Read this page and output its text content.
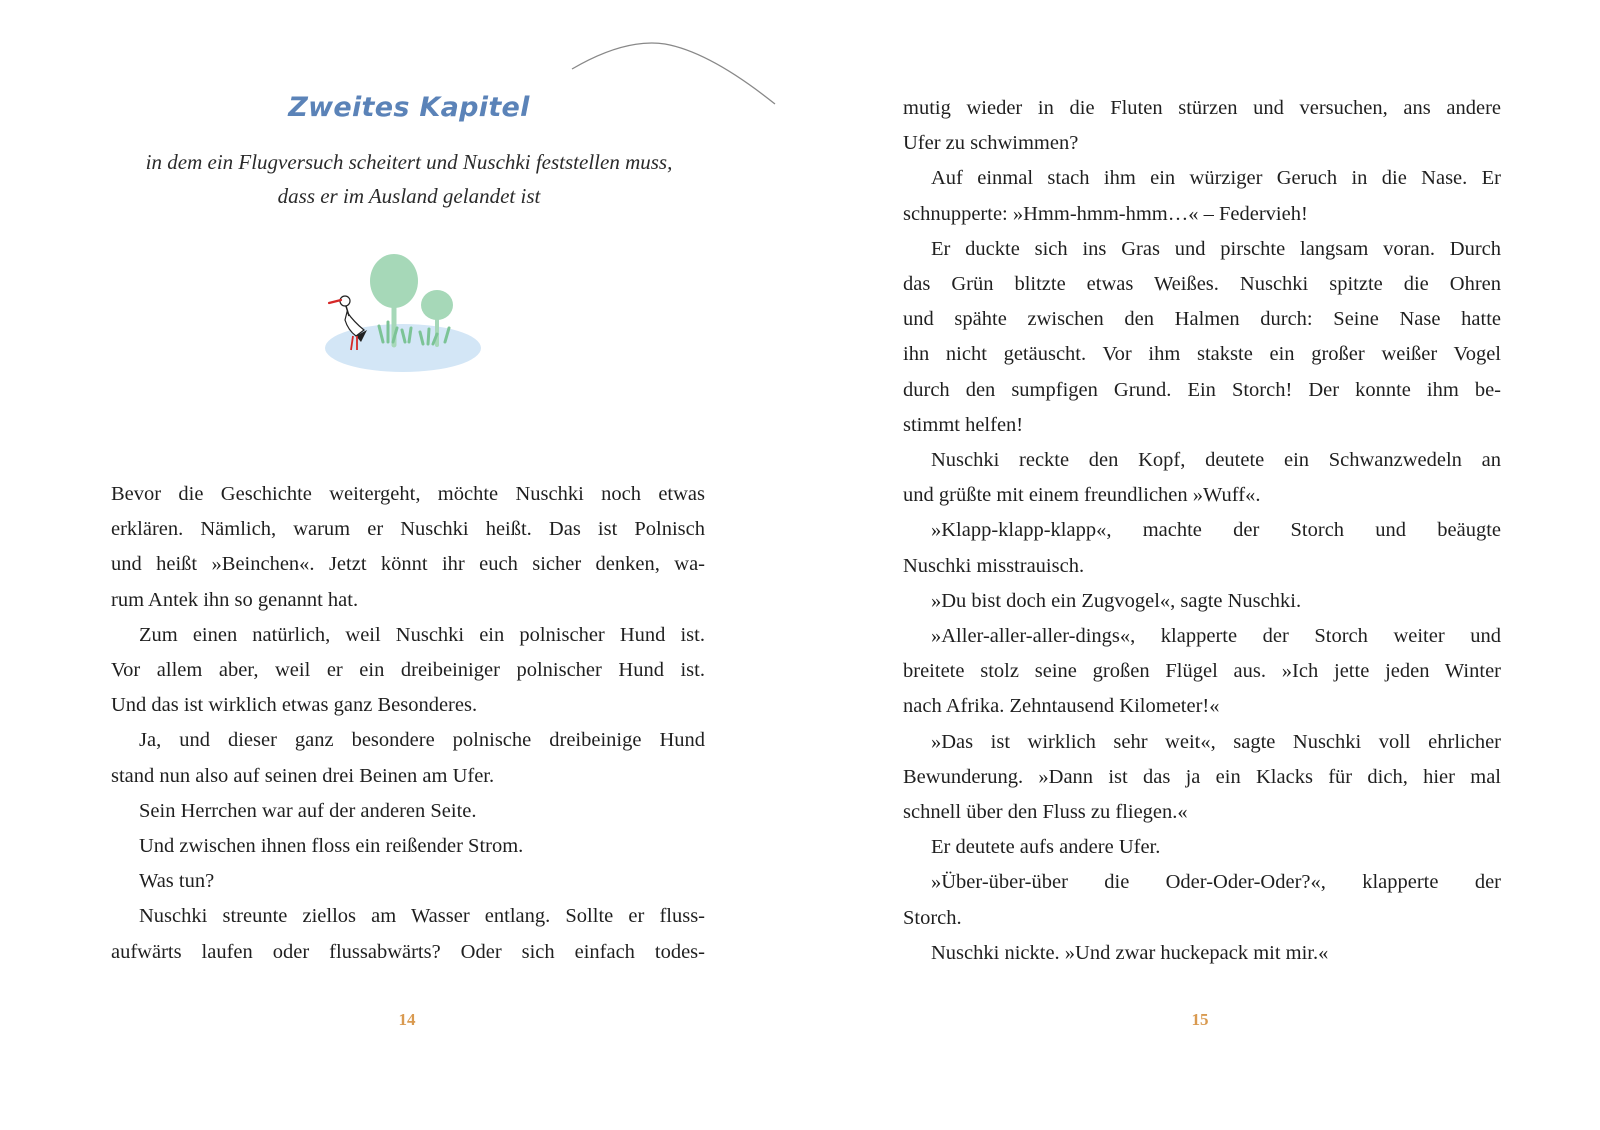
Zweites Kapitel
in dem ein Flugversuch scheitert und Nuschki feststellen muss,
dass er im Ausland gelandet ist

Bevor die Geschichte weitergeht, möchte Nuschki noch etwas

erklären. Nämlich, warum er Nuschki heißt. Das ist Polnisch

und heißt »Beinchen«. Jetzt könnt ihr euch sicher denken, wa-

rum Antek ihn so genannt hat.

Zum einen natürlich, weil Nuschki ein polnischer Hund ist.

Vor allem aber, weil er ein dreibeiniger polnischer Hund ist.

Und das ist wirklich etwas ganz Besonderes.

Ja, und dieser ganz besondere polnische dreibeinige Hund

stand nun also auf seinen drei Beinen am Ufer.

Sein Herrchen war auf der anderen Seite.

Und zwischen ihnen floss ein reißender Strom.

Was tun?

Nuschki streunte ziellos am Wasser entlang. Sollte er fluss-

aufwärts laufen oder flussabwärts? Oder sich einfach todes-

14

mutig wieder in die Fluten stürzen und versuchen, ans andere

Ufer zu schwimmen?

Auf einmal stach ihm ein würziger Geruch in die Nase. Er

schnupperte: »Hmm-hmm-hmm…« – Federvieh!

Er duckte sich ins Gras und pirschte langsam voran. Durch

das Grün blitzte etwas Weißes. Nuschki spitzte die Ohren

und spähte zwischen den Halmen durch: Seine Nase hatte

ihn nicht getäuscht. Vor ihm stakste ein großer weißer Vogel

durch den sumpfigen Grund. Ein Storch! Der konnte ihm be-

stimmt helfen!

Nuschki reckte den Kopf, deutete ein Schwanzwedeln an

und grüßte mit einem freundlichen »Wuff«.

»Klapp-klapp-klapp«, machte der Storch und beäugte

Nuschki misstrauisch.

»Du bist doch ein Zugvogel«, sagte Nuschki.

»Aller-aller-aller-dings«, klapperte der Storch weiter und

breitete stolz seine großen Flügel aus. »Ich jette jeden Winter

nach Afrika. Zehntausend Kilometer!«

»Das ist wirklich sehr weit«, sagte Nuschki voll ehrlicher

Bewunderung. »Dann ist das ja ein Klacks für dich, hier mal

schnell über den Fluss zu fliegen.«

Er deutete aufs andere Ufer.

»Über-über-über die Oder-Oder-Oder?«, klapperte der

Storch.

Nuschki nickte. »Und zwar huckepack mit mir.«

15
